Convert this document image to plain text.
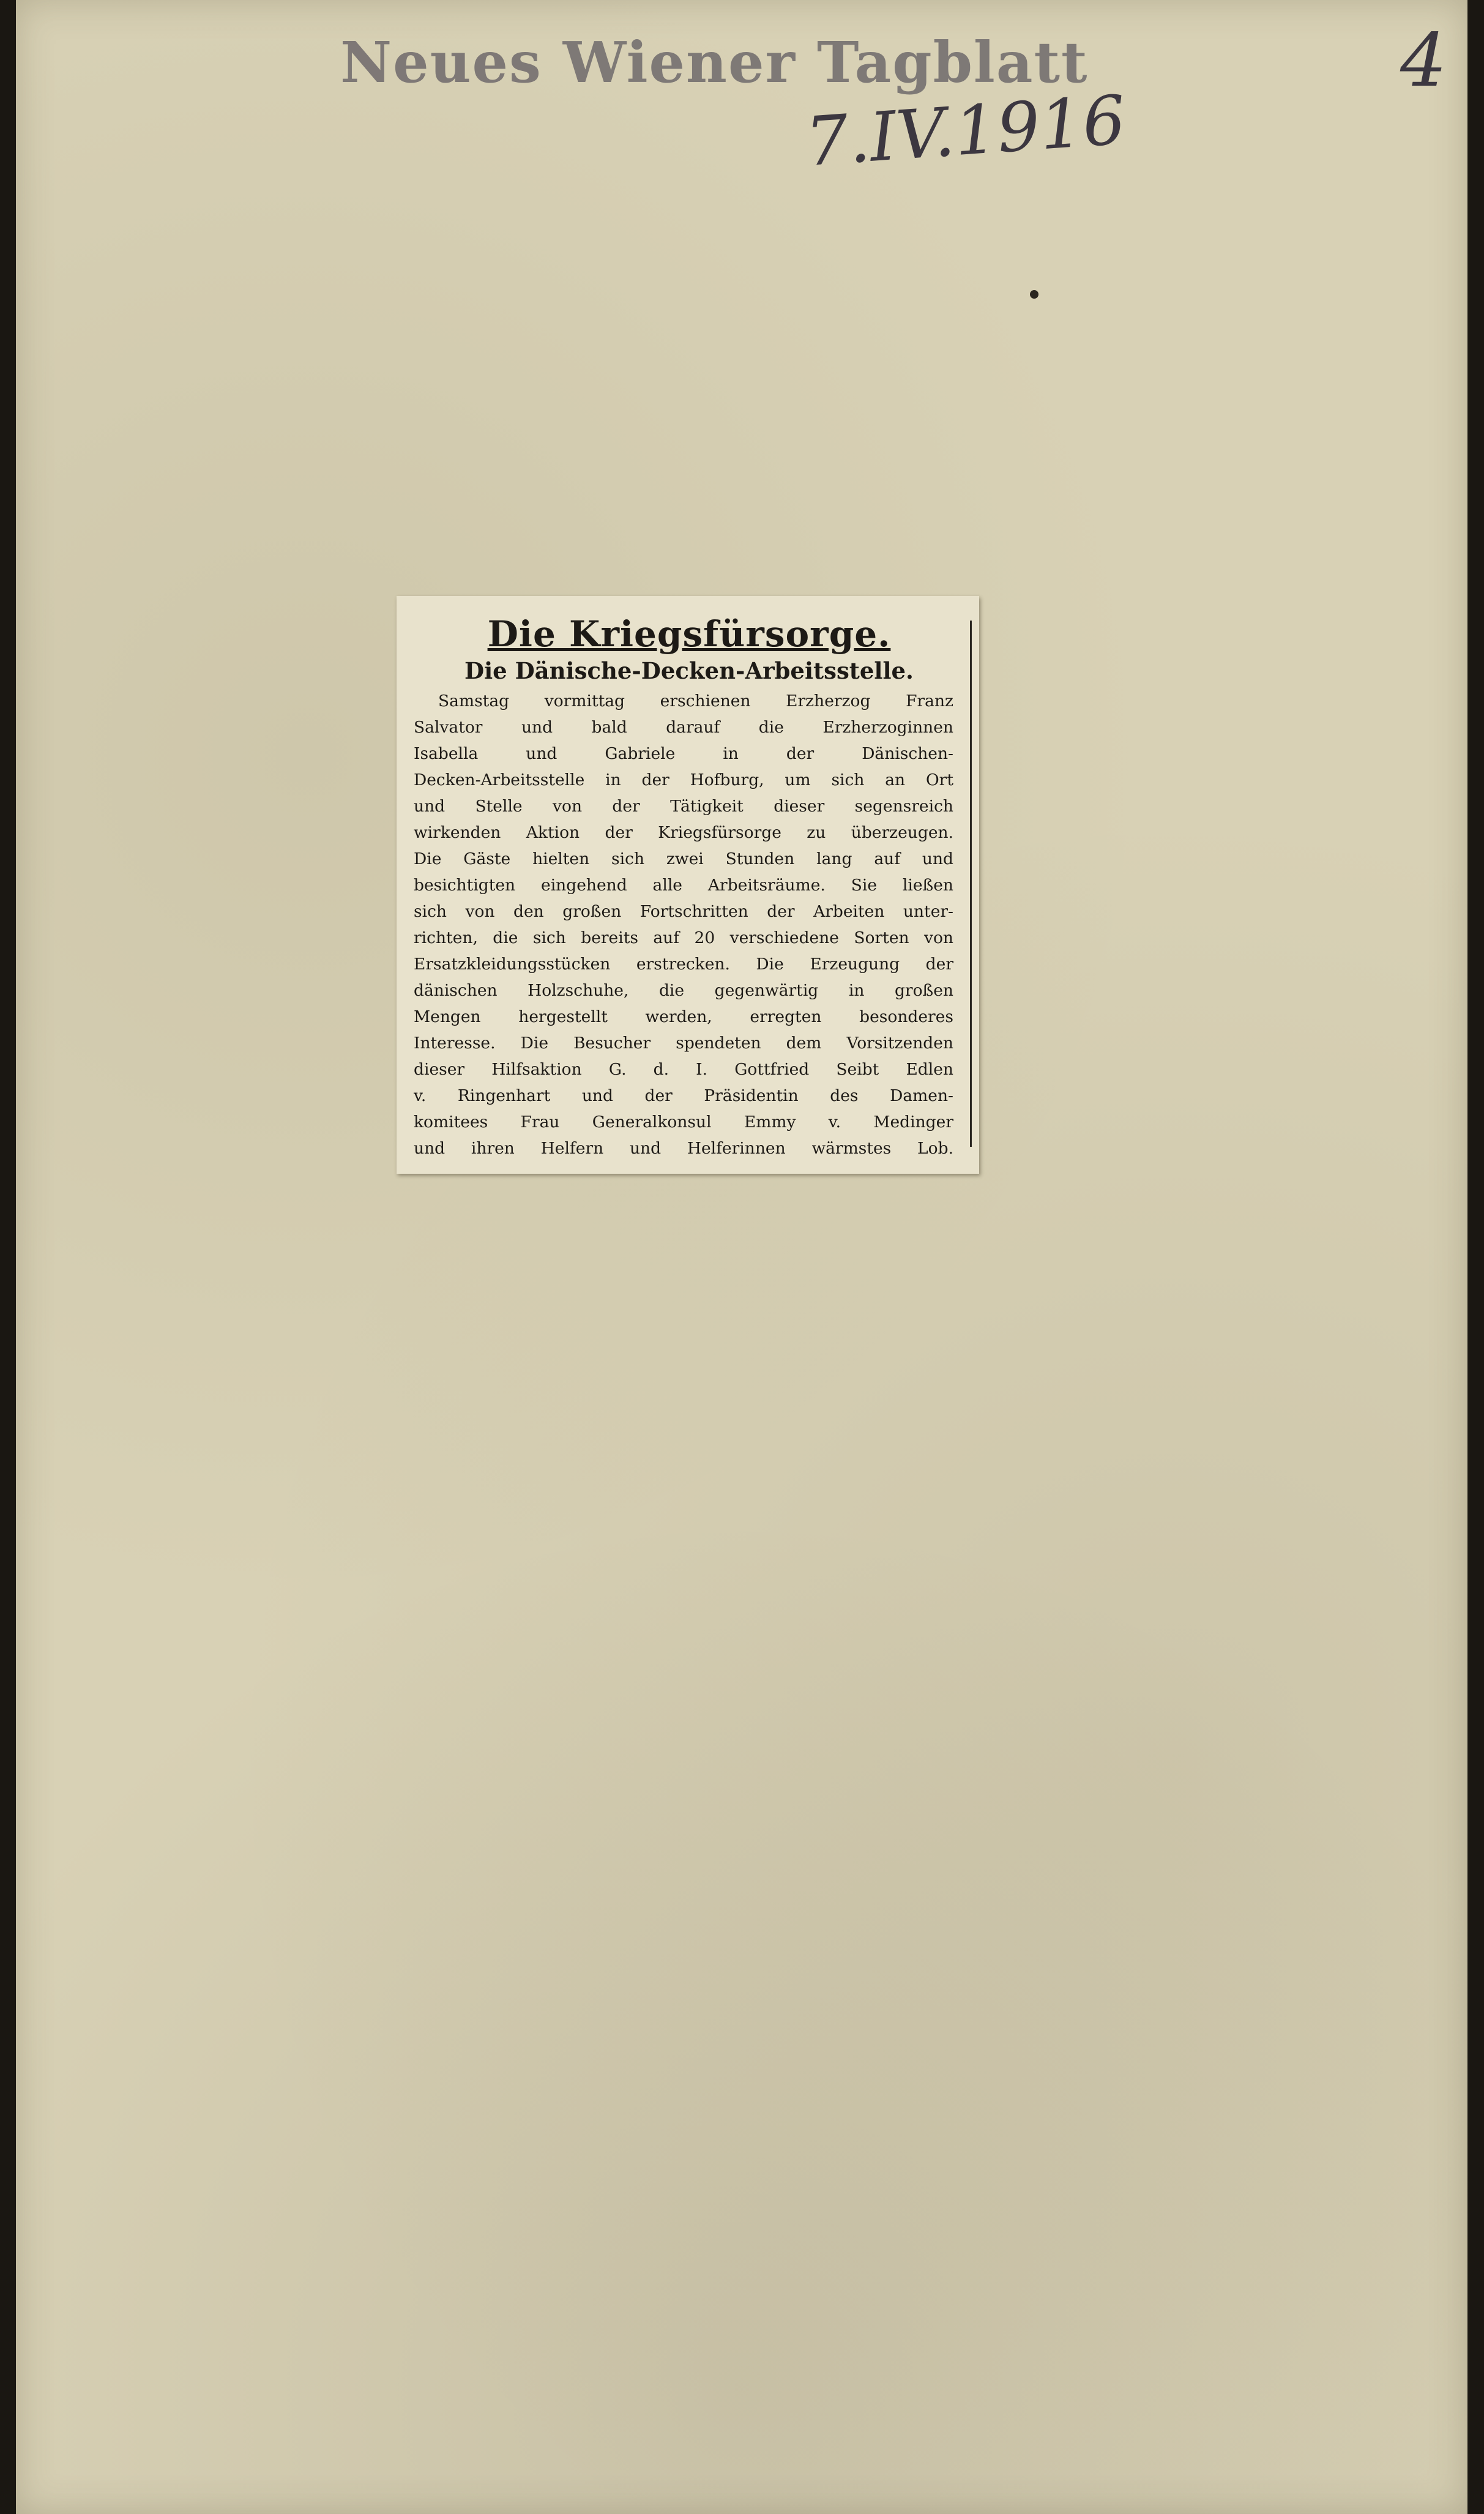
Neues Wiener Tagblatt
7.IV.1916
4
Die Kriegsfürsorge.
Die Dänische-Decken-Arbeitsstelle.
Samstag vormittag erschienen Erzherzog Franz
Salvator und bald darauf die Erzherzoginnen
Isabella und Gabriele in der Dänischen-
Decken-Arbeitsstelle in der Hofburg, um sich an Ort
und Stelle von der Tätigkeit dieser segensreich
wirkenden Aktion der Kriegsfürsorge zu überzeugen.
Die Gäste hielten sich zwei Stunden lang auf und
besichtigten eingehend alle Arbeitsräume. Sie ließen
sich von den großen Fortschritten der Arbeiten unter-
richten, die sich bereits auf 20 verschiedene Sorten von
Ersatzkleidungsstücken erstrecken. Die Erzeugung der
dänischen Holzschuhe, die gegenwärtig in großen
Mengen hergestellt werden, erregten besonderes
Interesse. Die Besucher spendeten dem Vorsitzenden
dieser Hilfsaktion G. d. I. Gottfried Seibt Edlen
v. Ringenhart und der Präsidentin des Damen-
komitees Frau Generalkonsul Emmy v. Medinger
und ihren Helfern und Helferinnen wärmstes Lob.
